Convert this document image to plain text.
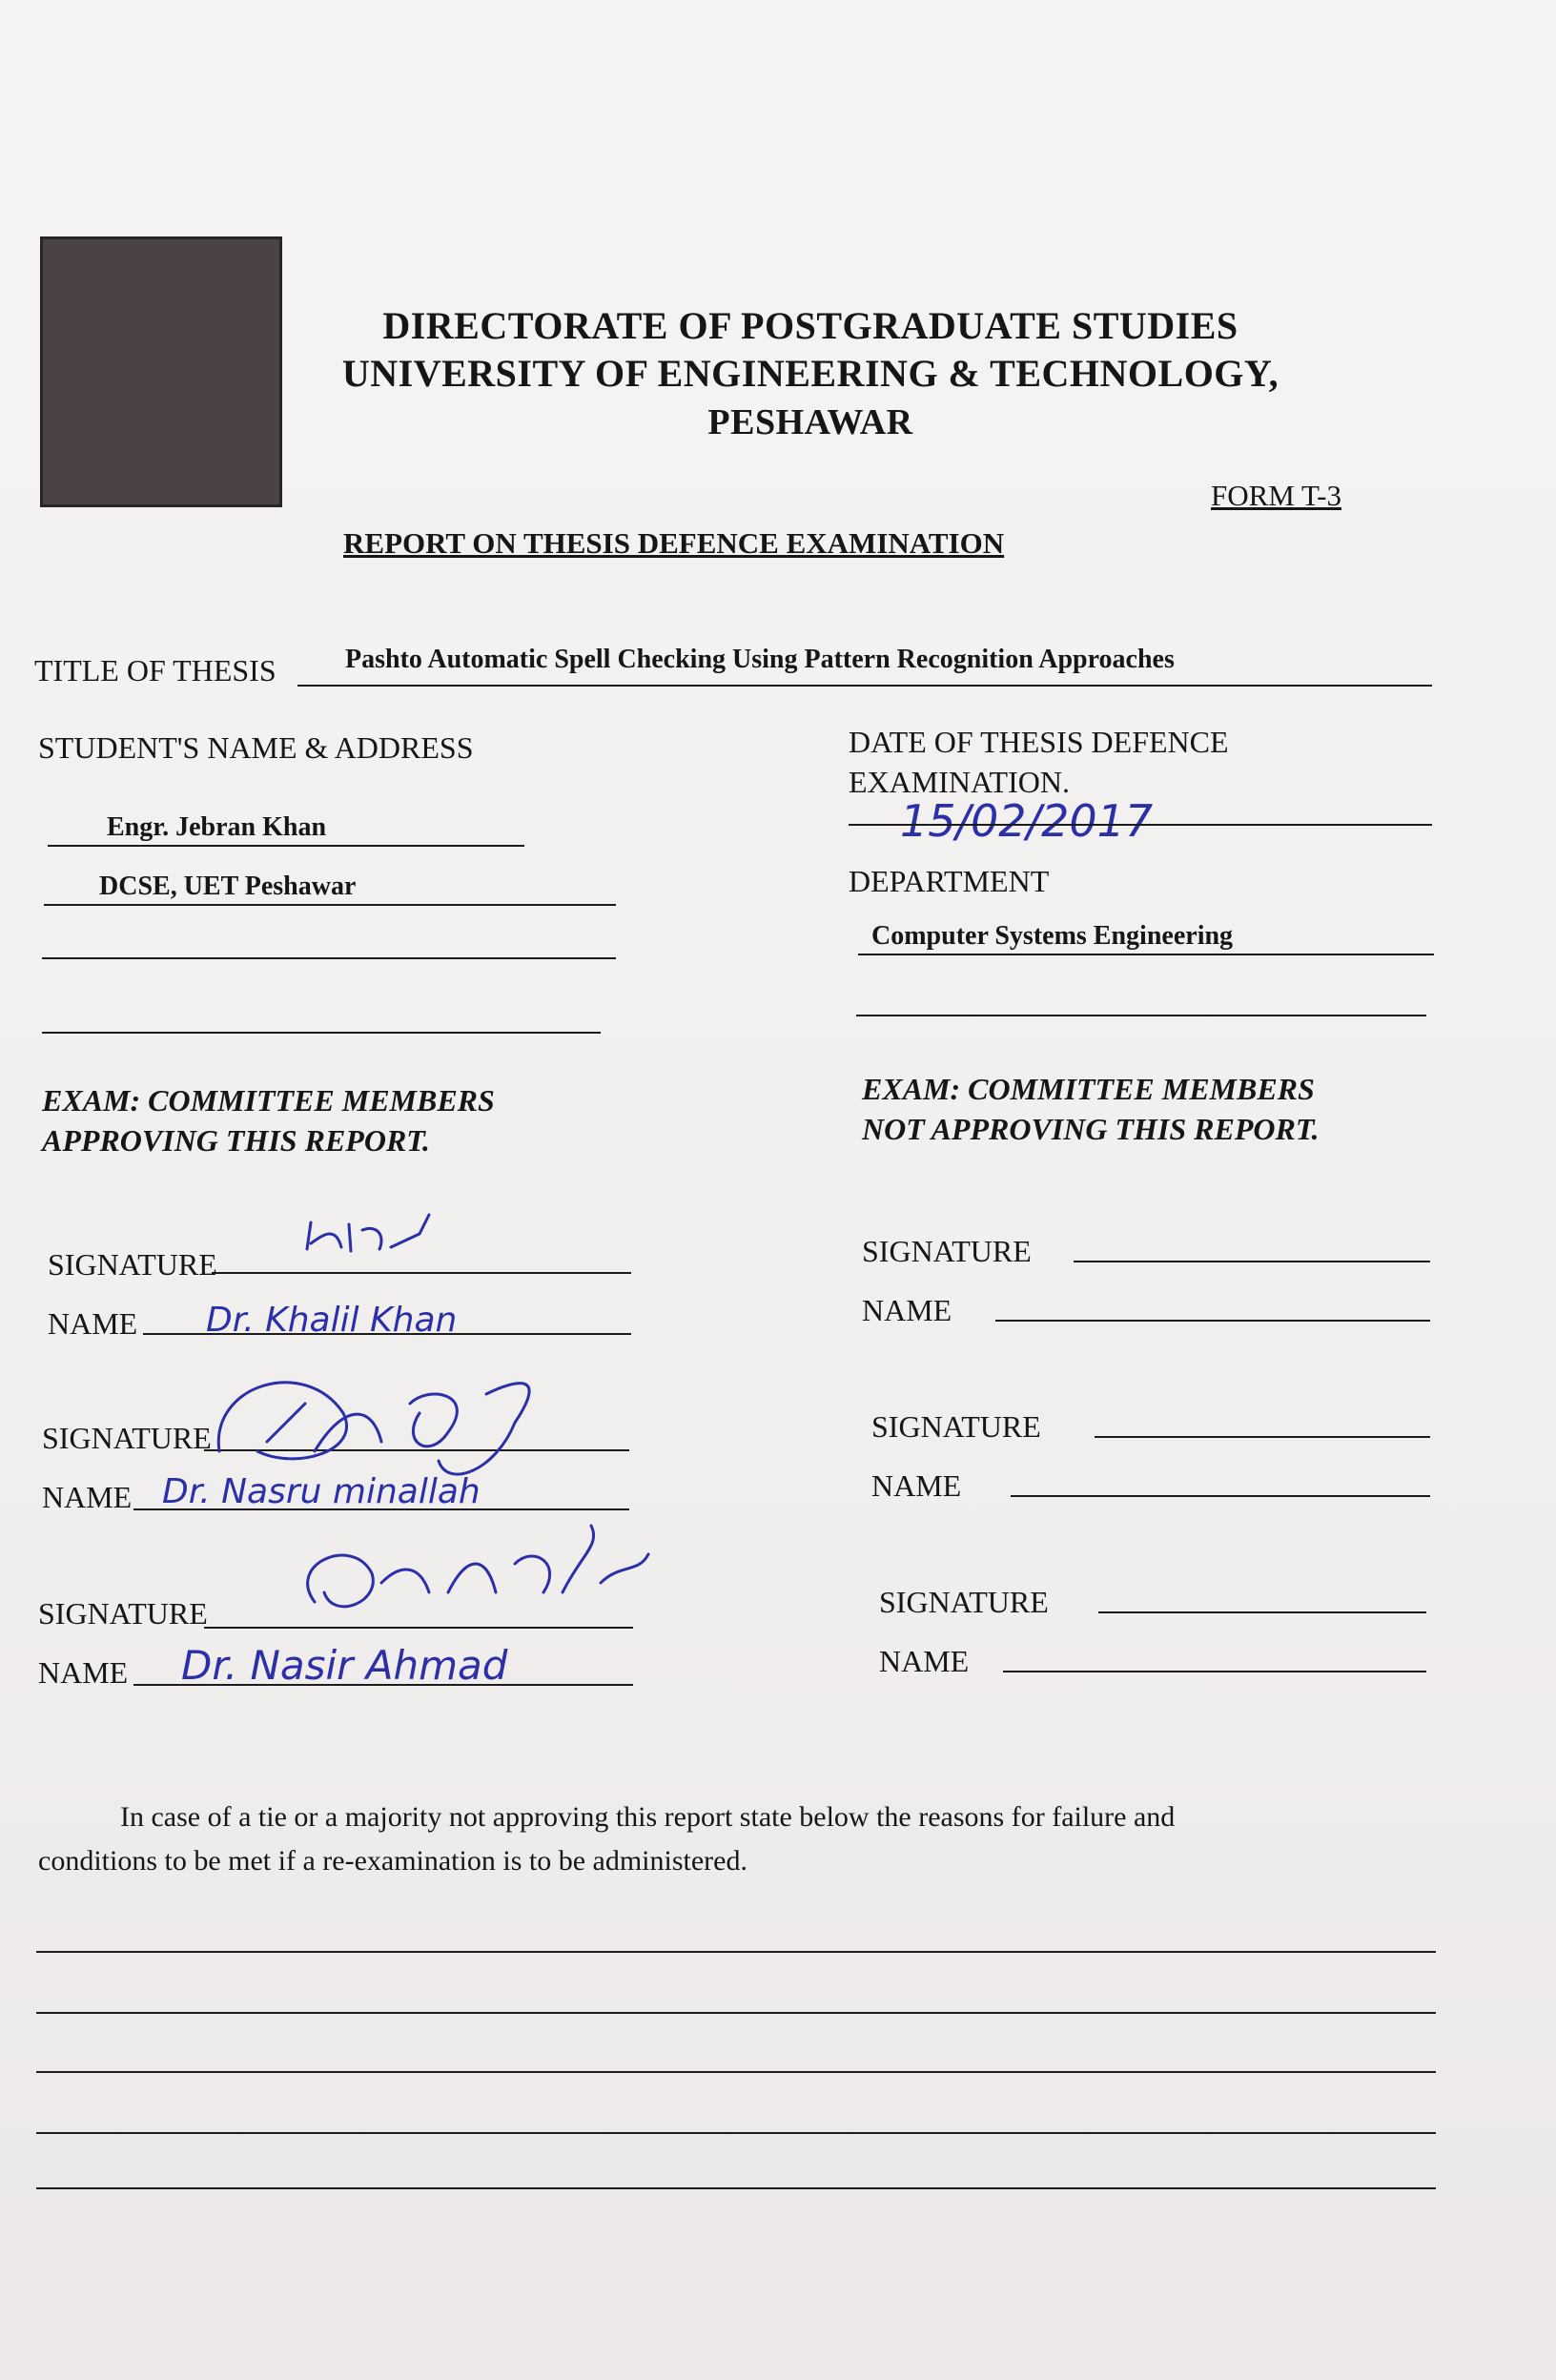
DIRECTORATE OF POSTGRADUATE STUDIES
UNIVERSITY OF ENGINEERING & TECHNOLOGY,
PESHAWAR
FORM T-3
REPORT ON THESIS DEFENCE EXAMINATION
TITLE OF THESIS	Pashto Automatic Spell Checking Using Pattern Recognition Approaches
STUDENT'S NAME & ADDRESS
Engr. Jebran Khan
DCSE, UET Peshawar
DATE OF THESIS DEFENCE
EXAMINATION.
15/02/2017
DEPARTMENT
Computer Systems Engineering
EXAM: COMMITTEE MEMBERS
APPROVING THIS REPORT.
SIGNATURE
NAME Dr. Khalil Khan
SIGNATURE
NAME Dr. Nasru minallah
SIGNATURE
NAME Dr. Nasir Ahmad
EXAM: COMMITTEE MEMBERS
NOT APPROVING THIS REPORT.
SIGNATURE
NAME
SIGNATURE
NAME
SIGNATURE
NAME
In case of a tie or a majority not approving this report state below the reasons for failure and
conditions to be met if a re-examination is to be administered.
